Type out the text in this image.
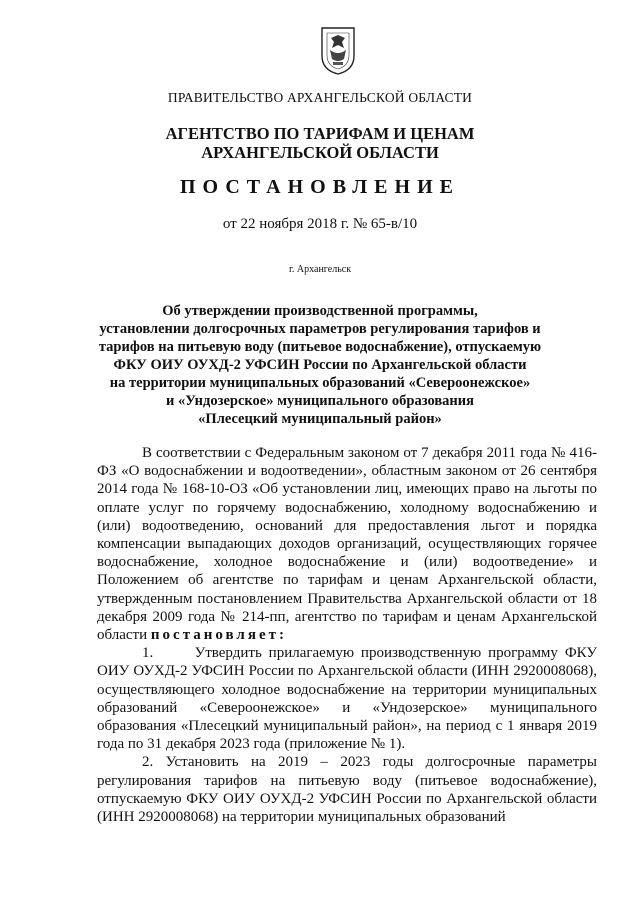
ПРАВИТЕЛЬСТВО АРХАНГЕЛЬСКОЙ ОБЛАСТИ
АГЕНТСТВО ПО ТАРИФАМ И ЦЕНАМ
АРХАНГЕЛЬСКОЙ ОБЛАСТИ
ПОСТАНОВЛЕНИЕ
от 22 ноября 2018 г. № 65-в/10
г. Архангельск
Об утверждении производственной программы,
установлении долгосрочных параметров регулирования тарифов и
тарифов на питьевую воду (питьевое водоснабжение), отпускаемую
ФКУ ОИУ ОУХД-2 УФСИН России по Архангельской области
на территории муниципальных образований «Североонежское»
и «Ундозерское» муниципального образования
«Плесецкий муниципальный район»

В соответствии с Федеральным законом от 7 декабря 2011 года № 416-ФЗ «О водоснабжении и водоотведении», областным законом от 26 сентября 2014 года № 168-10-ОЗ «Об установлении лиц, имеющих право на льготы по оплате услуг по горячему водоснабжению, холодному водоснабжению и (или) водоотведению, оснований для предоставления льгот и порядка компенсации выпадающих доходов организаций, осуществляющих горячее водоснабжение, холодное водоснабжение и (или) водоотведение» и Положением об агентстве по тарифам и ценам Архангельской области, утвержденным постановлением Правительства Архангельской области от 18 декабря 2009 года № 214-пп, агентство по тарифам и ценам Архангельской области постановляет:

1.	Утвердить прилагаемую производственную программу ФКУ ОИУ ОУХД-2 УФСИН России по Архангельской области (ИНН 2920008068), осуществляющего холодное водоснабжение на территории муниципальных образований «Североонежское» и «Ундозерское» муниципального образования «Плесецкий муниципальный район», на период с 1 января 2019 года по 31 декабря 2023 года (приложение № 1).

2. Установить на 2019 – 2023 годы долгосрочные параметры регулирования тарифов на питьевую воду (питьевое водоснабжение), отпускаемую ФКУ ОИУ ОУХД-2 УФСИН России по Архангельской области (ИНН 2920008068) на территории муниципальных образований
